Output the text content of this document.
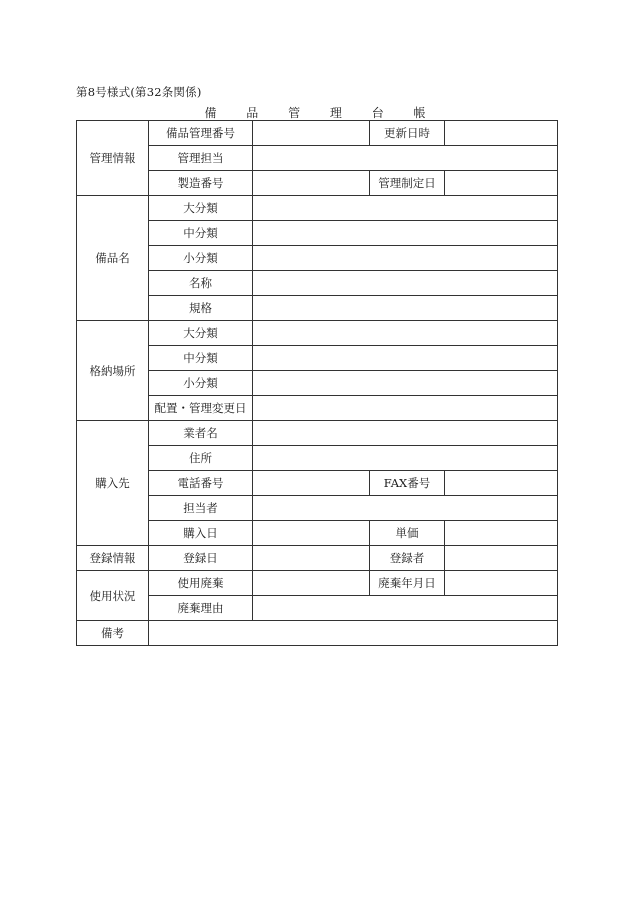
第8号様式(第32条関係)
備 品 管 理 台 帳
管理情報	備品管理番号		更新日時	
	管理担当			
	製造番号		管理制定日	
備品名	大分類			
	中分類			
	小分類			
	名称			
	規格			
格納場所	大分類			
	中分類			
	小分類			
	配置・管理変更日			
購入先	業者名			
	住所			
	電話番号		FAX番号	
	担当者			
	購入日		単価	
登録情報	登録日		登録者	
使用状況	使用廃棄		廃棄年月日	
	廃棄理由			
備考				
